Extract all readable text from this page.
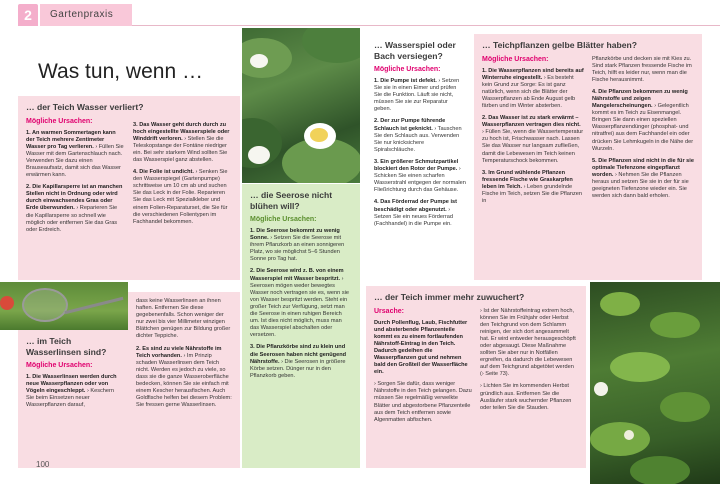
2	Gartenpraxis
Was tun, wenn …
… der Teich Wasser verliert?
Mögliche Ursachen:

1. An warmen Sommertagen kann der Teich mehrere Zentimeter Wasser pro Tag verlieren. › Füllen Sie Wasser mit dem Gartenschlauch nach. Verwenden Sie dazu einen Brauseaufsatz, damit sich das Wasser erwärmen kann.

2. Die Kapillarsperre ist an manchen Stellen nicht in Ordnung oder wird durch einwachsendes Gras oder Erde überwunden. › Reparieren Sie die Kapillarsperre so schnell wie möglich oder entfernen Sie das Gras oder Erdreich.

3. Das Wasser geht durch durch zu hoch eingestellte Wasserspiele oder Winddrift verloren. › Stellen Sie die Teleskopstange der Fontäne niedriger ein. Bei sehr starkem Wind sollten Sie das Wasserspiel ganz abstellen.

4. Die Folie ist undicht. › Senken Sie den Wasserspiegel (Gartenpumpe) schrittweise um 10 cm ab und suchen Sie das Leck in der Folie. Reparieren Sie das Leck mit Spezialkleber und einem Folien-Reparaturset, die Sie für die verschiedenen Folientypen im Fachhandel bekommen.

… die Seerose nicht blühen will?
Mögliche Ursachen:

1. Die Seerose bekommt zu wenig Sonne. › Setzen Sie die Seerose mit ihrem Pflanzkorb an einen sonnigeren Platz, wo sie möglichst 5–6 Stunden Sonne pro Tag hat.

2. Die Seerose wird z. B. von einem Wasserspiel mit Wasser bespritzt. › Seerosen mögen weder bewegtes Wasser noch vertragen sie es, wenn sie von Wasser bespritzt werden. Steht ein großer Teich zur Verfügung, setzt man die Seerose in einen ruhigen Bereich um. Ist dies nicht möglich, muss man das Wasserspiel abschalten oder versetzen.

3. Die Pflanzkörbe sind zu klein und die Seerosen haben nicht genügend Nährstoffe. › Die Seerosen in größere Körbe setzen. Dünger nur in den Pflanzkorb geben.

… Wasserspiel oder Bach versiegen?
Mögliche Ursachen:

1. Die Pumpe ist defekt. › Setzen Sie sie in einen Eimer und prüfen Sie die Funktion. Läuft sie nicht, müssen Sie sie zur Reparatur geben.

2. Der zur Pumpe führende Schlauch ist geknickt. › Tauschen Sie den Schlauch aus. Verwenden Sie nur knicksichere Spiralschläuche.

3. Ein größerer Schmutzpartikel blockiert den Rotor der Pumpe. › Schicken Sie einen scharfen Wasserstrahl entgegen der normalen Fließrichtung durch das Gehäuse.

4. Das Förderrad der Pumpe ist beschädigt oder abgenutzt. › Setzen Sie ein neues Förderrad (Fachhandel) in die Pumpe ein.

… Teichpflanzen gelbe Blätter haben?
Mögliche Ursachen:

1. Die Wasserpflanzen sind bereits auf Winterruhe eingestellt. › Es besteht kein Grund zur Sorge: Es ist ganz natürlich, wenn sich die Blätter der Wasserpflanzen ab Ende August gelb färben und im Winter absterben.

2. Das Wasser ist zu stark erwärmt – Wasserpflanzen vertragen dies nicht. › Füllen Sie, wenn die Wassertemperatur zu hoch ist, Frischwasser nach. Lassen Sie das Wasser nur langsam zufließen, damit die Lebewesen im Teich keinen Temperaturschock bekommen.

3. Im Grund wühlende Pflanzen fressende Fische wie Graskarpfen leben im Teich. › Leben grundelnde Fische im Teich, setzen Sie die Pflanzen in

Pflanzkörbe und decken sie mit Kies zu. Sind stark Pflanzen fressende Fische im Teich, hilft es leider nur, wenn man die Fische herausnimmt.

4. Die Pflanzen bekommen zu wenig Nährstoffe und zeigen Mangelerscheinungen. › Gelegentlich kommt es im Teich zu Eisenmangel. Bringen Sie dann einen speziellen Wasserpflanzendünger (phosphat- und nitratfrei) aus dem Fachhandel ein oder drücken Sie Lehmkugeln in die Nähe der Wurzeln.

5. Die Pflanzen sind nicht in die für sie optimale Tiefenzone eingepflanzt worden. › Nehmen Sie die Pflanzen heraus und setzen Sie sie in der für sie geeigneten Tiefenzone wieder ein. Sie werden sich dann bald erholen.

… im Teich Wasserlinsen sind?
Mögliche Ursachen:

1. Die Wasserlinsen werden durch neue Wasserpflanzen oder von Vögeln eingeschleppt. › Keschern Sie beim Einsetzen neuer Wasserpflanzen darauf,

dass keine Wasserlinsen an ihnen haften. Entfernen Sie diese gegebenenfalls. Schon weniger der nur zwei bis vier Millimeter winzigen Blättchen genügen zur Bildung großer dichter Teppiche.

2. Es sind zu viele Nährstoffe im Teich vorhanden. › Im Prinzip schaden Wasserlinsen dem Teich nicht. Werden es jedoch zu viele, so dass sie die ganze Wasseroberfläche bedecken, können Sie sie einfach mit einem Kescher herausfischen. Auch Goldfische helfen bei diesem Problem: Sie fressen gerne Wasserlinsen.

… der Teich immer mehr zuwuchert?
Ursache:

Durch Pollenflug, Laub, Fischfutter und absterbende Pflanzenteile kommt es zu einem fortlaufenden Nährstoff-Eintrag in den Teich. Dadurch gedeihen die Wasserpflanzen gut und nehmen bald den Großteil der Wasserfläche ein.

› Sorgen Sie dafür, dass weniger Nährstoffe in den Teich gelangen. Dazu müssen Sie regelmäßig verwelkte Blätter und abgestorbene Pflanzenteile aus dem Teich entfernen sowie Algenmatten abfischen.

› Ist der Nährstoffeintrag extrem hoch, können Sie im Frühjahr oder Herbst den Teichgrund von dem Schlamm reinigen, der sich dort angesammelt hat. Er wird entweder herausgeschöpft oder abgesaugt. Diese Maßnahme sollten Sie aber nur in Notfällen ergreifen, da dadurch die Lebewesen auf dem Teichgrund abgetötet werden (› Seite 73).

› Lichten Sie im kommenden Herbst gründlich aus. Entfernen Sie die Ausläufer stark wuchernder Pflanzen oder teilen Sie die Stauden.

100
